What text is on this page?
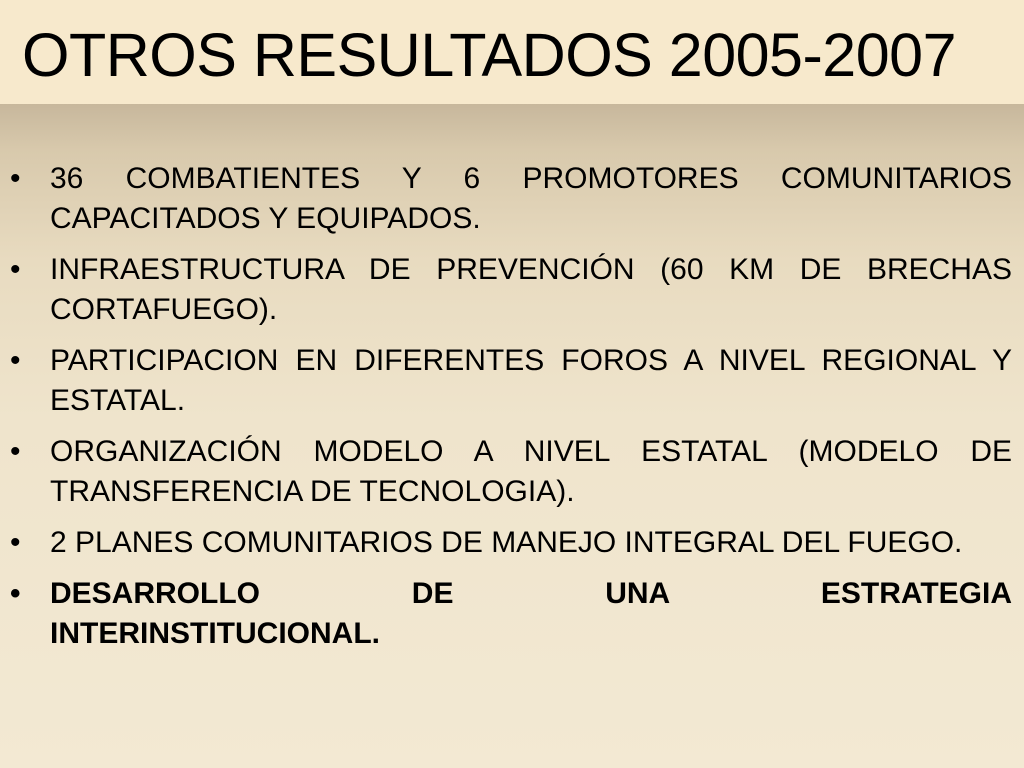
OTROS RESULTADOS 2005-2007
• 36 COMBATIENTES Y 6 PROMOTORES COMUNITARIOS CAPACITADOS Y EQUIPADOS.
• INFRAESTRUCTURA DE PREVENCIÓN (60 KM DE BRECHAS CORTAFUEGO).
• PARTICIPACION EN DIFERENTES FOROS A NIVEL REGIONAL Y ESTATAL.
• ORGANIZACIÓN MODELO A NIVEL ESTATAL (MODELO DE TRANSFERENCIA DE TECNOLOGIA).
• 2 PLANES COMUNITARIOS DE MANEJO INTEGRAL DEL FUEGO.
• DESARROLLO DE UNA ESTRATEGIA
INTERINSTITUCIONAL.
